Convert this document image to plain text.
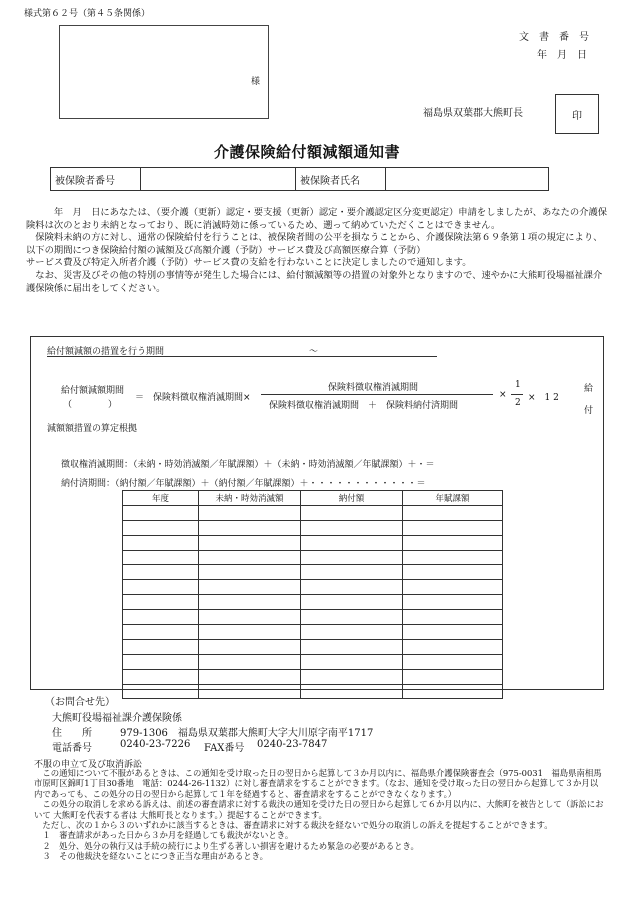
様式第６２号（第４５条関係）
様
文　書　番　号
年　月　日
福島県双葉郡大熊町長	印
介護保険給付額減額通知書
被保険者番号		被保険者氏名	

　　　年　月　日にあなたは、（要介護（更新）認定・要支援（更新）認定・要介護認定区分変更認定）申請をしましたが、あなたの介護保険料は次のとおり未納となっており、既に消滅時効に係っているため、遡って納めていただくことはできません。

　保険料未納の方に対し、通常の保険給付を行うことは、被保険者間の公平を損なうことから、介護保険法第６９条第１項の規定により、以下の期間につき保険給付額の減額及び高額介護（予防）サービス費及び高額医療合算（予防）

サービス費及び特定入所者介護（予防）サービス費の支給を行わないことに決定しましたので通知します。

　なお、災害及びその他の特別の事情等が発生した場合には、給付額減額等の措置の対象外となりますので、速やかに大熊町役場福祉課介護保険係に届出をしてください。

給付額減額の措置を行う期間	〜
給付額減額期間
（　　　　）
＝　保険料徴収権消滅期間×
保険料徴収権消滅期間
保険料徴収権消滅期間　＋　保険料納付済期間
×
1
2 ×　1 2
給
付
減額額措置の算定根拠
徴収権消滅期間：（未納・時効消滅額／年賦課額）＋（未納・時効消滅額／年賦課額）＋・＝
納付済期間：（納付額／年賦課額）＋（納付額／年賦課額）＋・・・・・・・・・・・・＝
年度	未納・時効消滅額	納付額	年賦課額

（お問合せ先）
大熊町役場福祉課介護保険係
住　　所	979-1306　福島県双葉郡大熊町大字大川原字南平1717
電話番号	0240-23-7226 FAX番号 0240-23-7847
不服の申立て及び取消訴訟

　この通知について不服があるときは、この通知を受け取った日の翌日から起算して３か月以内に、福島県介護保険審査会（975-0031　福島県南相馬市原町区錦町1丁目30番地　電話：0244-26-1132）に対し審査請求をすることができます。（なお、通知を受け取った日の翌日から起算して３か月以内であっても、この処分の日の翌日から起算して１年を経過すると、審査請求をすることができなくなります。）

　この処分の取消しを求める訴えは、前述の審査請求に対する裁決の通知を受けた日の翌日から起算して６か月以内に、大熊町を被告として（訴訟において 大熊町を代表する者は 大熊町長となります。）提起することができます。

　ただし、次の１から３のいずれかに該当するときは、審査請求に対する裁決を経ないで処分の取消しの訴えを提起することができます。

　１　審査請求があった日から３か月を経過しても裁決がないとき。

　２　処分、処分の執行又は手続の続行により生ずる著しい損害を避けるため緊急の必要があるとき。

　３　その他裁決を経ないことにつき正当な理由があるとき。
